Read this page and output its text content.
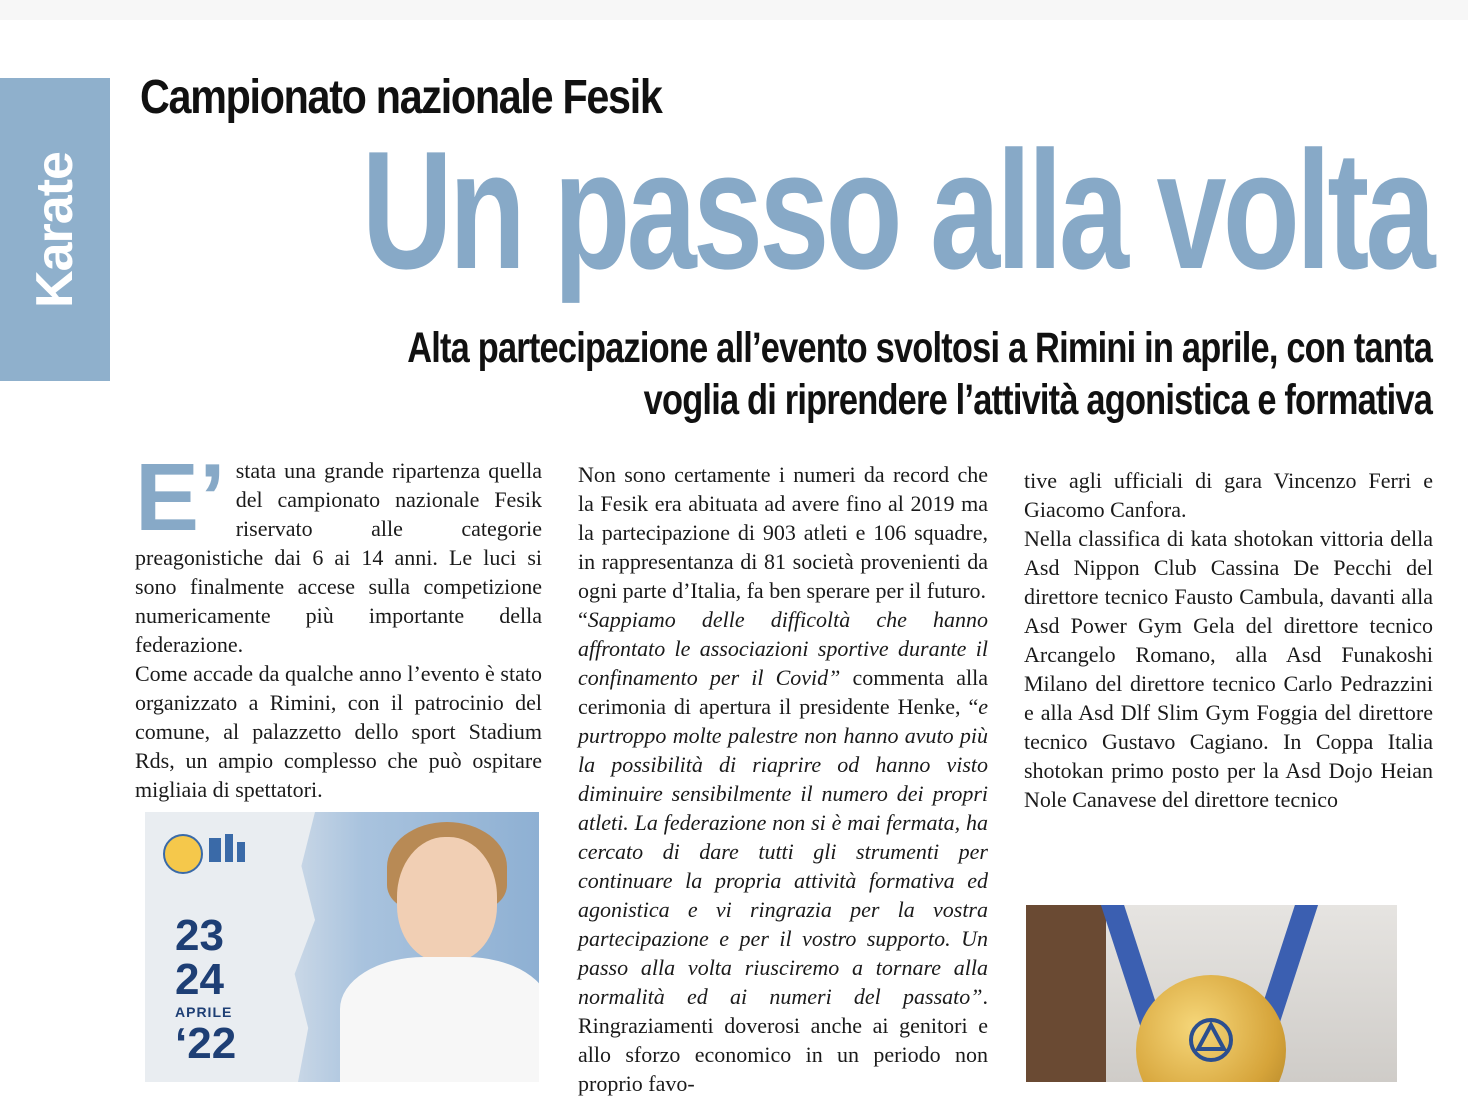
Karate
Campionato nazionale Fesik
Un passo alla volta
Alta partecipazione all’evento svoltosi a Rimini in aprile, con tanta
voglia di riprendere l’attività agonistica e formativa
E’ stata una grande ripartenza quella del campionato nazionale Fesik riservato alle categorie preagonistiche dai 6 ai 14 anni. Le luci si sono finalmente accese sulla competizione numericamente più importante della federazione.

Come accade da qualche anno l’evento è stato organizzato a Rimini, con il patrocinio del comune, al palazzetto dello sport Stadium Rds, un ampio complesso che può ospitare migliaia di spettatori.

Non sono certamente i numeri da record che la Fesik era abituata ad avere fino al 2019 ma la partecipazione di 903 atleti e 106 squadre, in rappresentanza di 81 società provenienti da ogni parte d’Italia, fa ben sperare per il futuro.

“Sappiamo delle difficoltà che hanno affrontato le associazioni sportive durante il confinamento per il Covid” commenta alla cerimonia di apertura il presidente Henke, “e purtroppo molte palestre non hanno avuto più la possibilità di riaprire od hanno visto diminuire sensibilmente il numero dei propri atleti. La federazione non si è mai fermata, ha cercato di dare tutti gli strumenti per continuare la propria attività formativa ed agonistica e vi ringrazia per la vostra partecipazione e per il vostro supporto. Un passo alla volta riusciremo a tornare alla normalità ed ai numeri del passato”. Ringraziamenti doverosi anche ai genitori e allo sforzo economico in un periodo non proprio favo-

tive agli ufficiali di gara Vincenzo Ferri e Giacomo Canfora.

Nella classifica di kata shotokan vittoria della Asd Nippon Club Cassina De Pecchi del direttore tecnico Fausto Cambula, davanti alla Asd Power Gym Gela del direttore tecnico Arcangelo Romano, alla Asd Funakoshi Milano del direttore tecnico Carlo Pedrazzini e alla Asd Dlf Slim Gym Foggia del direttore tecnico Gustavo Cagiano. In Coppa Italia shotokan primo posto per la Asd Dojo Heian Nole Canavese del direttore tecnico

23
24
APRILE
‘22
